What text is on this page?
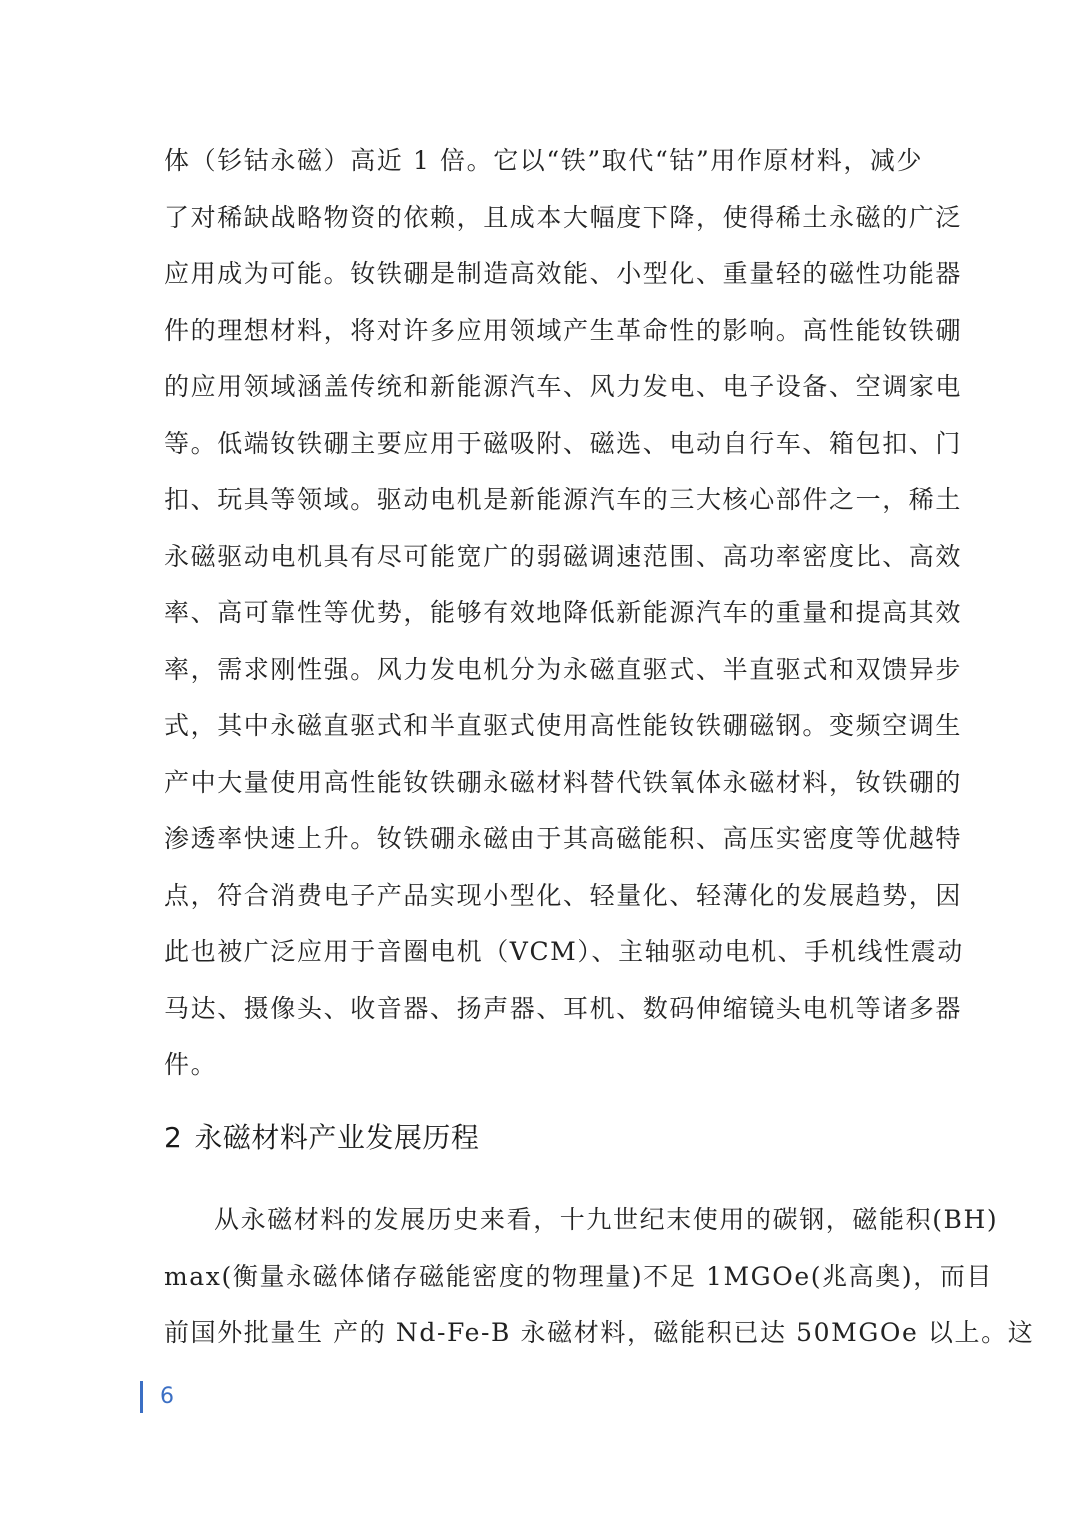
体（钐钴永磁）高近 1 倍。它以“铁”取代“钴”用作原材料，减少
了对稀缺战略物资的依赖，且成本大幅度下降，使得稀土永磁的广泛
应用成为可能。钕铁硼是制造高效能、小型化、重量轻的磁性功能器
件的理想材料，将对许多应用领域产生革命性的影响。高性能钕铁硼
的应用领域涵盖传统和新能源汽车、风力发电、电子设备、空调家电
等。低端钕铁硼主要应用于磁吸附、磁选、电动自行车、箱包扣、门
扣、玩具等领域。驱动电机是新能源汽车的三大核心部件之一，稀土
永磁驱动电机具有尽可能宽广的弱磁调速范围、高功率密度比、高效
率、高可靠性等优势，能够有效地降低新能源汽车的重量和提高其效
率，需求刚性强。风力发电机分为永磁直驱式、半直驱式和双馈异步
式，其中永磁直驱式和半直驱式使用高性能钕铁硼磁钢。变频空调生
产中大量使用高性能钕铁硼永磁材料替代铁氧体永磁材料，钕铁硼的
渗透率快速上升。钕铁硼永磁由于其高磁能积、高压实密度等优越特
点，符合消费电子产品实现小型化、轻量化、轻薄化的发展趋势，因
此也被广泛应用于音圈电机（VCM）、主轴驱动电机、手机线性震动
马达、摄像头、收音器、扬声器、耳机、数码伸缩镜头电机等诸多器
件。
2 永磁材料产业发展历程
从永磁材料的发展历史来看，十九世纪末使用的碳钢，磁能积(BH)
max(衡量永磁体储存磁能密度的物理量)不足 1MGOe(兆高奥)，而目
前国外批量生 产的 Nd-Fe-B 永磁材料，磁能积已达 50MGOe 以上。这
6
